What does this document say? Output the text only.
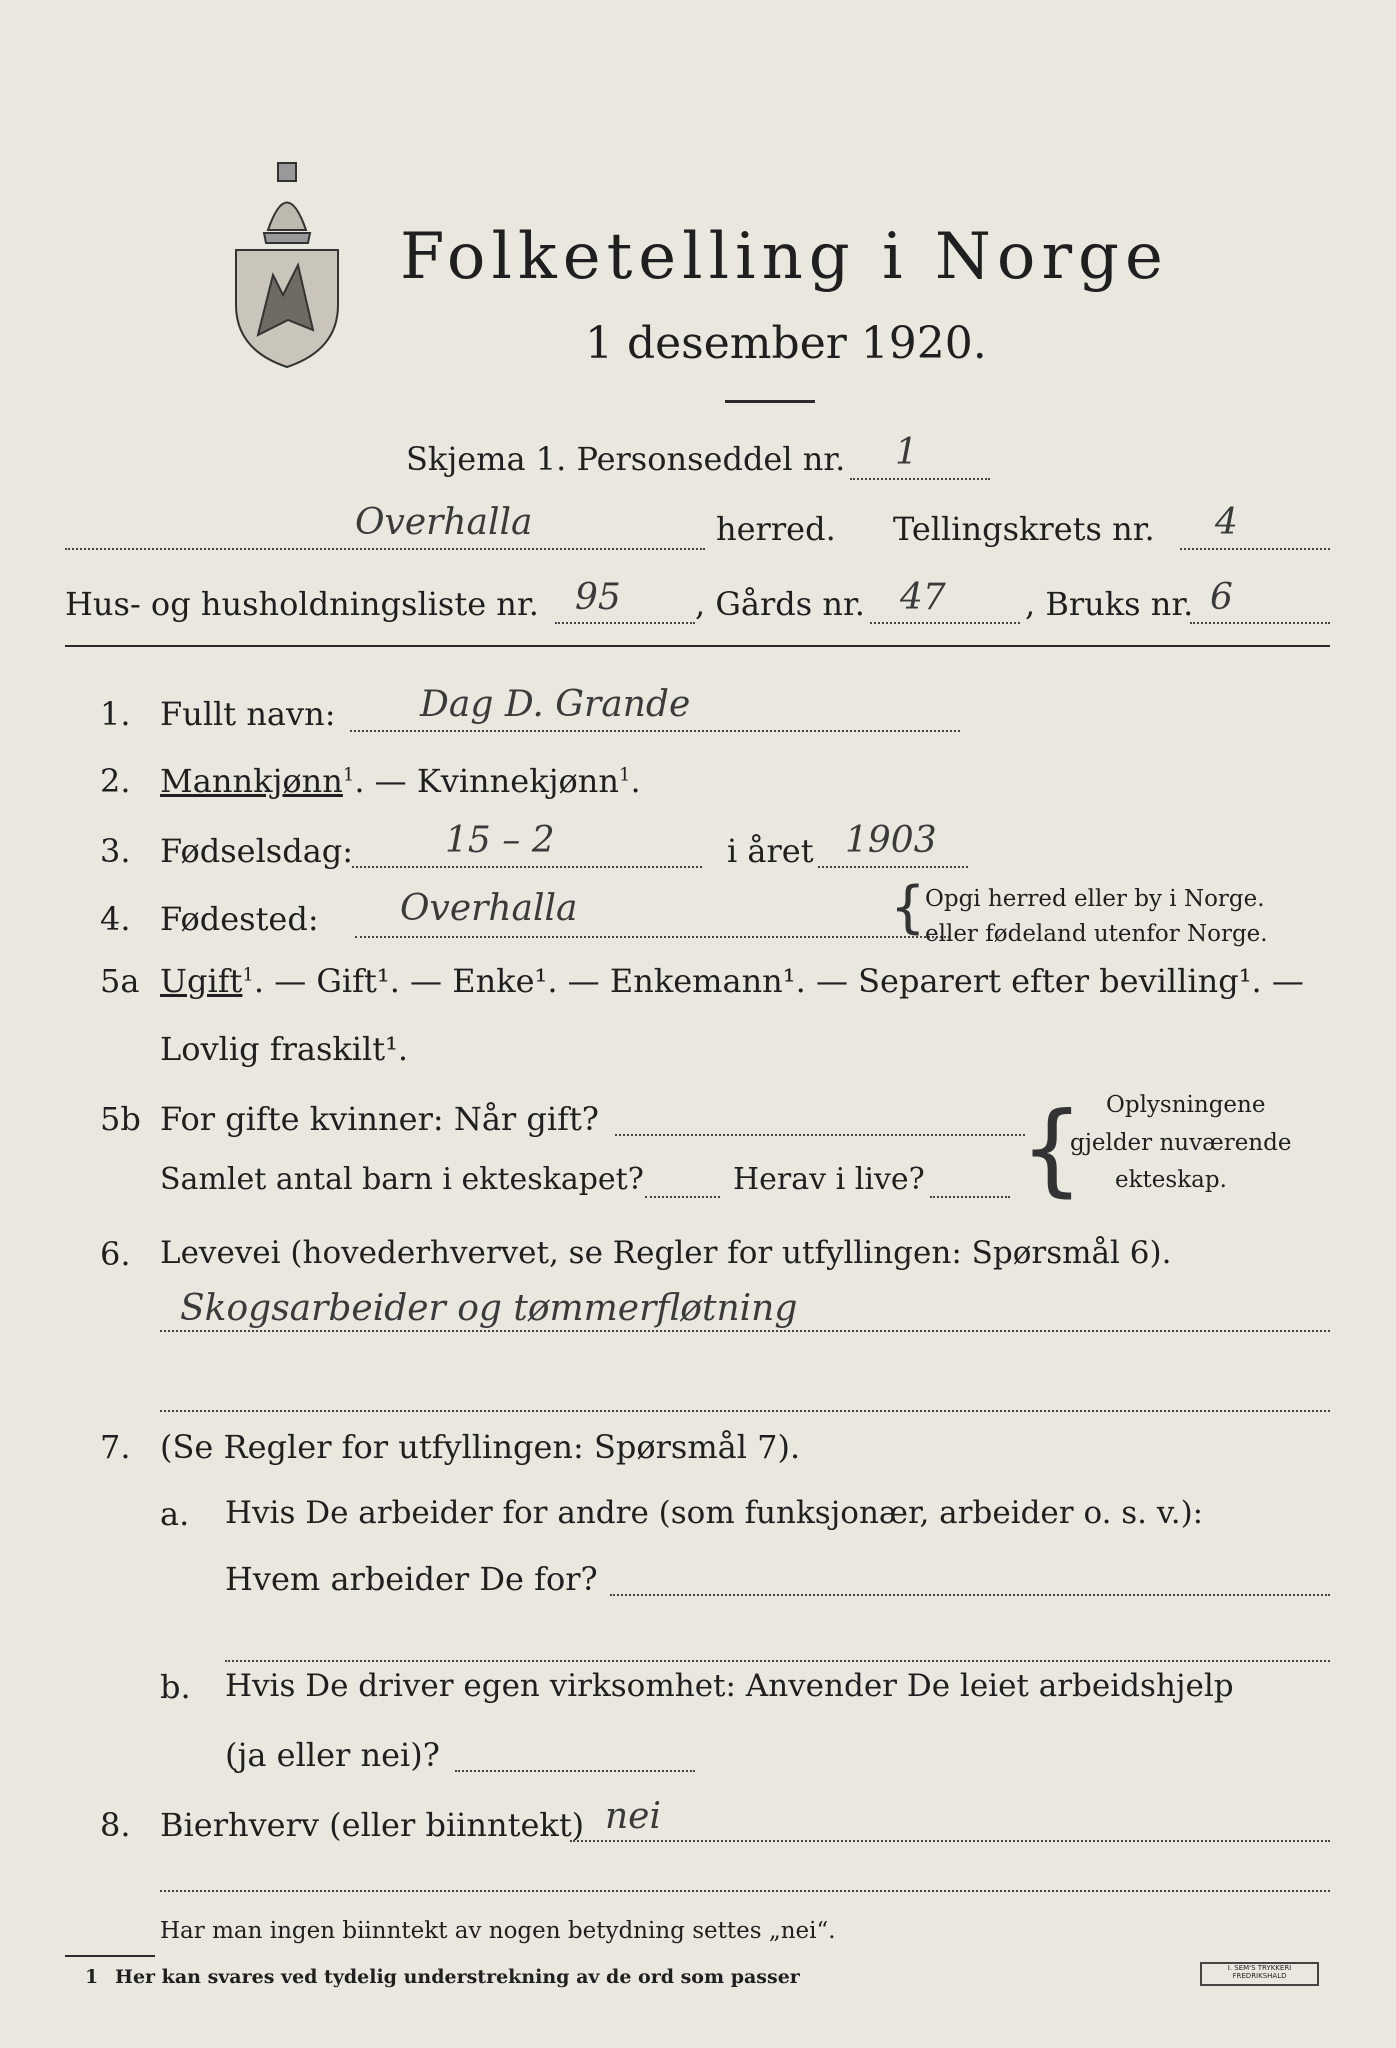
Folketelling i Norge
1 desember 1920.
Skjema 1. Personseddel nr. 1
Overhalla	herred. Tellingskrets nr. 4
Hus- og husholdningsliste nr. 95 , Gårds nr. 47 , Bruks nr. 6
1. Fullt navn: Dag D. Grande
2. Mannkjønn$^1$. — Kvinnekjønn$^1$.
3. Fødselsdag:	15 – 2	i året 1903
4. Fødested: Overhalla	{ Opgi herred eller by i Norge.
eller fødeland utenfor Norge.
5a Ugift$^1$. — Gift¹. — Enke¹. — Enkemann¹. — Separert efter bevilling¹. —
Lovlig fraskilt¹.
5b For gifte kvinner: Når gift?
Samlet antal barn i ekteskapet?	Herav i live? { Oplysningene
gjelder nuværende
ekteskap.
6. Levevei (hovederhvervet, se Regler for utfyllingen: Spørsmål 6).
Skogsarbeider og tømmerfløtning
7. (Se Regler for utfyllingen: Spørsmål 7).
a. Hvis De arbeider for andre (som funksjonær, arbeider o. s. v.):
Hvem arbeider De for?
b. Hvis De driver egen virksomhet: Anvender De leiet arbeidshjelp
(ja eller nei)?
8. Bierhverv (eller biinntekt) nei
Har man ingen biinntekt av nogen betydning settes „nei“.
1 Her kan svares ved tydelig understrekning av de ord som passer	I. SEM'S TRYKKERI FREDRIKSHALD
